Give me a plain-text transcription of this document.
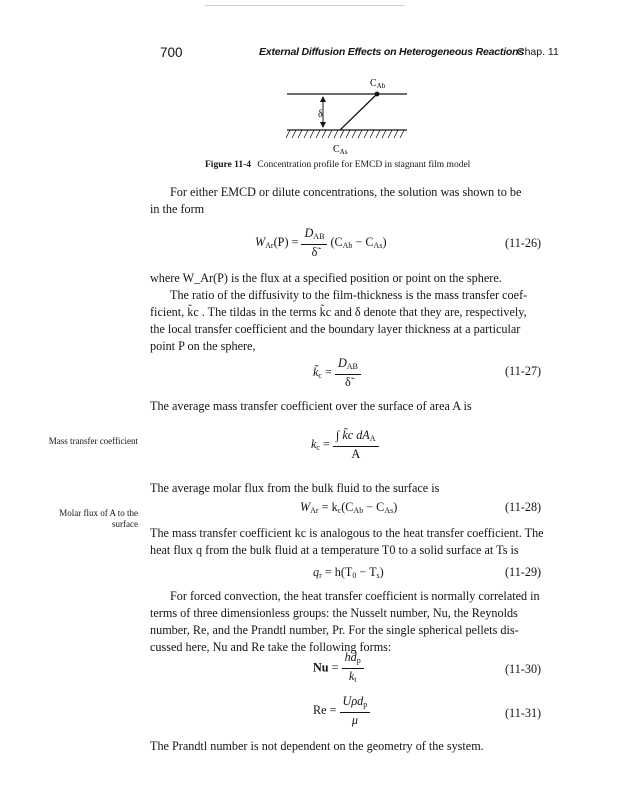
700	External Diffusion Effects on Heterogeneous Reactions
Chap. 11
$C_{Ab}$
δ
$C_{As}$
Figure 11-4 Concentration profile for EMCD in stagnant film model
For either EMCD or dilute concentrations, the solution was shown to be
in the form
$W_{Ar}(P) = \frac{D_{AB}}{\deltã} (C_{Ab} - C_{As})$	(11-26)
where W_Ar(P) is the flux at a specified position or point on the sphere.
The ratio of the diffusivity to the film-thickness is the mass transfer coef-
ficient, k̃c . The tildas in the terms k̃c and δ denote that they are, respectively,
the local transfer coefficient and the boundary layer thickness at a particular
point P on the sphere,
$k̃_c = \frac{D_{AB}}{\deltã}$	(11-27)
The average mass transfer coefficient over the surface of area A is
Mass transfer coefficient	$k_c = \frac{\int k̃c dA_A}{A}$
The average molar flux from the bulk fluid to the surface is
Molar flux of A to the surface
$W_{Ar} = k_c(C_{Ab} - C_{As})$	(11-28)
The mass transfer coefficient kc is analogous to the heat transfer coefficient. The
heat flux q from the bulk fluid at a temperature T0 to a solid surface at Ts is
$q_r = h(T_0 - T_s)$	(11-29)
For forced convection, the heat transfer coefficient is normally correlated in
terms of three dimensionless groups: the Nusselt number, Nu, the Reynolds
number, Re, and the Prandtl number, Pr. For the single spherical pellets dis-
cussed here, Nu and Re take the following forms:
$Nu = \frac{hd_p}{k_t}$	(11-30)
$Re = \frac{U\rho d_p}{\mu}$	(11-31)
The Prandtl number is not dependent on the geometry of the system.
